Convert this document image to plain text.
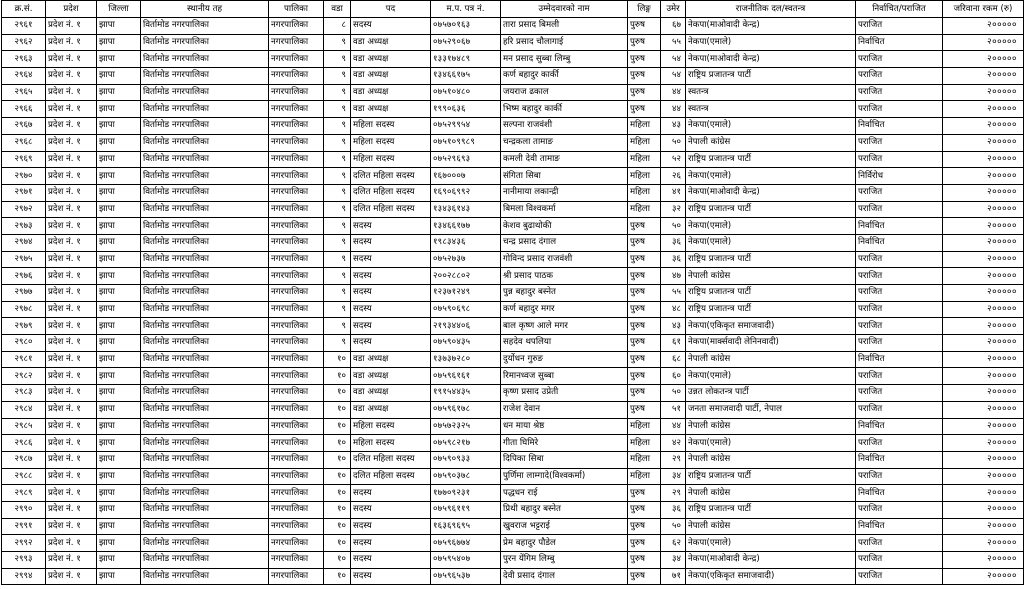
क्र.सं.	प्रदेश	जिल्ला	स्थानीय तह	पालिका	वडा	पद	म.प. पत्र नं.	उम्मेदवारको नाम	लिङ्ग	उमेर	राजनीतिक दल/स्वतन्त्र	निर्वाचित/पराजित	जरिवाना रकम (रु)
२९६१	प्रदेश नं. १	झापा	विर्तामोड नगरपालिका	नगरपालिका	८	सदस्य	०७५७०१६३	तारा प्रसाद बिमली	पुरुष	६७	नेकपा(माओवादी केन्द्र)	पराजित	२०००००
२९६२	प्रदेश नं. १	झापा	विर्तामोड नगरपालिका	नगरपालिका	९	वडा अध्यक्ष	०७५२९०६७	हरि प्रसाद चौलागाई	पुरुष	५५	नेकपा(एमाले)	निर्वाचित	२०००००
२९६३	प्रदेश नं. १	झापा	विर्तामोड नगरपालिका	नगरपालिका	९	वडा अध्यक्ष	१३३१७४८९	मन प्रसाद सुब्बा लिम्बु	पुरुष	५४	नेकपा(माओवादी केन्द्र)	पराजित	२०००००
२९६४	प्रदेश नं. १	झापा	विर्तामोड नगरपालिका	नगरपालिका	९	वडा अध्यक्ष	१३४६६१७५	कर्ण बहादुर कार्की	पुरुष	५४	राष्ट्रिय प्रजातन्त्र पार्टी	पराजित	२०००००
२९६५	प्रदेश नं. १	झापा	विर्तामोड नगरपालिका	नगरपालिका	९	वडा अध्यक्ष	०७५१०४८०	जयराज ढकाल	पुरुष	४४	स्वतन्त्र	पराजित	२०००००
२९६६	प्रदेश नं. १	झापा	विर्तामोड नगरपालिका	नगरपालिका	९	वडा अध्यक्ष	१९९०६३६	भिष्म बहादुर कार्की	पुरुष	४४	स्वतन्त्र	पराजित	२०००००
२९६७	प्रदेश नं. १	झापा	विर्तामोड नगरपालिका	नगरपालिका	९	महिला सदस्य	०७५२९९५४	सल्पना राजवंशी	महिला	४३	नेकपा(एमाले)	निर्वाचित	२०००००
२९६८	प्रदेश नं. १	झापा	विर्तामोड नगरपालिका	नगरपालिका	९	महिला सदस्य	०७५१०९९८९	चन्द्रकला तामाङ	महिला	५०	नेपाली कांग्रेस	पराजित	२०००००
२९६९	प्रदेश नं. १	झापा	विर्तामोड नगरपालिका	नगरपालिका	९	महिला सदस्य	०७५२९६९३	कमली देवी तामाङ	महिला	५२	राष्ट्रिय प्रजातन्त्र पार्टी	पराजित	२०००००
२९७०	प्रदेश नं. १	झापा	विर्तामोड नगरपालिका	नगरपालिका	९	दलित महिला सदस्य	१६७०००७	संगिता सिबा	महिला	२६	नेकपा(एमाले)	निर्विरोध	२०००००
२९७१	प्रदेश नं. १	झापा	विर्तामोड नगरपालिका	नगरपालिका	९	दलित महिला सदस्य	१६९०६९९२	नानीमाया लकान्द्री	महिला	४१	नेकपा(माओवादी केन्द्र)	पराजित	२०००००
२९७२	प्रदेश नं. १	झापा	विर्तामोड नगरपालिका	नगरपालिका	९	दलित महिला सदस्य	१३४३६१४३	बिमला विश्वकर्मा	महिला	३२	राष्ट्रिय प्रजातन्त्र पार्टी	पराजित	२०००००
२९७३	प्रदेश नं. १	झापा	विर्तामोड नगरपालिका	नगरपालिका	९	सदस्य	१३४६६१७७	केशव बुढाथोकी	पुरुष	५०	नेकपा(एमाले)	निर्वाचित	२०००००
२९७४	प्रदेश नं. १	झापा	विर्तामोड नगरपालिका	नगरपालिका	९	सदस्य	१९८३४३६	चन्द्र प्रसाद दंगाल	पुरुष	३६	नेकपा(एमाले)	निर्वाचित	२०००००
२९७५	प्रदेश नं. १	झापा	विर्तामोड नगरपालिका	नगरपालिका	९	सदस्य	०७५२७३७	गोविन्द प्रसाद राजवंशी	पुरुष	३६	राष्ट्रिय प्रजातन्त्र पार्टी	पराजित	२०००००
२९७६	प्रदेश नं. १	झापा	विर्तामोड नगरपालिका	नगरपालिका	९	सदस्य	२००२८८०२	श्री प्रसाद पाठक	पुरुष	४७	नेपाली कांग्रेस	पराजित	२०००००
२९७७	प्रदेश नं. १	झापा	विर्तामोड नगरपालिका	नगरपालिका	९	सदस्य	१२३७१२४९	पुन्न बहादुर बस्नेत	पुरुष	५५	राष्ट्रिय प्रजातन्त्र पार्टी	पराजित	२०००००
२९७८	प्रदेश नं. १	झापा	विर्तामोड नगरपालिका	नगरपालिका	९	सदस्य	०७५९०६९८	कर्ण बहादुर मगर	पुरुष	४८	राष्ट्रिय प्रजातन्त्र पार्टी	पराजित	२०००००
२९७९	प्रदेश नं. १	झापा	विर्तामोड नगरपालिका	नगरपालिका	९	सदस्य	२१९३४४०६	बाल कृष्ण आले मगर	पुरुष	४३	नेकपा(एकिकृत समाजवादी)	पराजित	२०००००
२९८०	प्रदेश नं. १	झापा	विर्तामोड नगरपालिका	नगरपालिका	९	सदस्य	०७५९०४३५	सहदेव थपलिया	पुरुष	६१	नेकपा(मार्क्सवादी लेनिनवादी)	पराजित	२०००००
२९८१	प्रदेश नं. १	झापा	विर्तामोड नगरपालिका	नगरपालिका	१०	वडा अध्यक्ष	१३७३७२८०	दुर्योधन गुरुङ	पुरुष	६८	नेपाली कांग्रेस	निर्वाचित	२०००००
२९८२	प्रदेश नं. १	झापा	विर्तामोड नगरपालिका	नगरपालिका	१०	वडा अध्यक्ष	०७५९६१६१	रिमानध्वज सुब्बा	पुरुष	६०	नेकपा(एमाले)	पराजित	२०००००
२९८३	प्रदेश नं. १	झापा	विर्तामोड नगरपालिका	नगरपालिका	१०	वडा अध्यक्ष	१९१५४४३५	कृष्ण प्रसाद उप्रेती	पुरुष	५०	उन्नत लोकतन्त्र पार्टी	पराजित	२०००००
२९८४	प्रदेश नं. १	झापा	विर्तामोड नगरपालिका	नगरपालिका	१०	वडा अध्यक्ष	०७५९६१७८	राजेश देवान	पुरुष	५१	जनता समाजवादी पार्टी, नेपाल	पराजित	२०००००
२९८५	प्रदेश नं. १	झापा	विर्तामोड नगरपालिका	नगरपालिका	१०	महिला सदस्य	०७५७२३२५	धन माया श्रेष्ठ	महिला	४४	नेपाली कांग्रेस	निर्वाचित	२०००००
२९८६	प्रदेश नं. १	झापा	विर्तामोड नगरपालिका	नगरपालिका	१०	महिला सदस्य	०७५९८२१७	गीता घिमिरे	महिला	४२	नेकपा(एमाले)	पराजित	२०००००
२९८७	प्रदेश नं. १	झापा	विर्तामोड नगरपालिका	नगरपालिका	१०	दलित महिला सदस्य	०७५९०९३३	दिपिका सिबा	महिला	२९	नेपाली कांग्रेस	निर्वाचित	२०००००
२९८८	प्रदेश नं. १	झापा	विर्तामोड नगरपालिका	नगरपालिका	१०	दलित महिला सदस्य	०७५९०३७८	पुर्णिमा लाम्गादे(विश्वकर्मा)	महिला	३४	राष्ट्रिय प्रजातन्त्र पार्टी	पराजित	२०००००
२९८९	प्रदेश नं. १	झापा	विर्तामोड नगरपालिका	नगरपालिका	१०	सदस्य	१७७०९२३१	पद्धधन राई	पुरुष	२९	नेपाली कांग्रेस	निर्वाचित	२०००००
२९९०	प्रदेश नं. १	झापा	विर्तामोड नगरपालिका	नगरपालिका	१०	सदस्य	०७५९६११९	प्रिथी बहादुर बस्नेत	पुरुष	३६	राष्ट्रिय प्रजातन्त्र पार्टी	पराजित	२०००००
२९९१	प्रदेश नं. १	झापा	विर्तामोड नगरपालिका	नगरपालिका	१०	सदस्य	१६३६९६९५	खुवराज भट्टराई	पुरुष	५०	नेपाली कांग्रेस	निर्वाचित	२०००००
२९९२	प्रदेश नं. १	झापा	विर्तामोड नगरपालिका	नगरपालिका	१०	सदस्य	०७५९६७७४	प्रेम बहादुर पौडेल	पुरुष	६२	नेकपा(एमाले)	पराजित	२०००००
२९९३	प्रदेश नं. १	झापा	विर्तामोड नगरपालिका	नगरपालिका	१०	सदस्य	०७५९५४०७	पुरन येंगिम लिम्बु	पुरुष	३४	नेकपा(माओवादी केन्द्र)	पराजित	२०००००
२९९४	प्रदेश नं. १	झापा	विर्तामोड नगरपालिका	नगरपालिका	१०	सदस्य	०७५९६५३७	देवी प्रसाद दंगाल	पुरुष	७१	नेकपा(एकिकृत समाजवादी)	पराजित	२०००००
